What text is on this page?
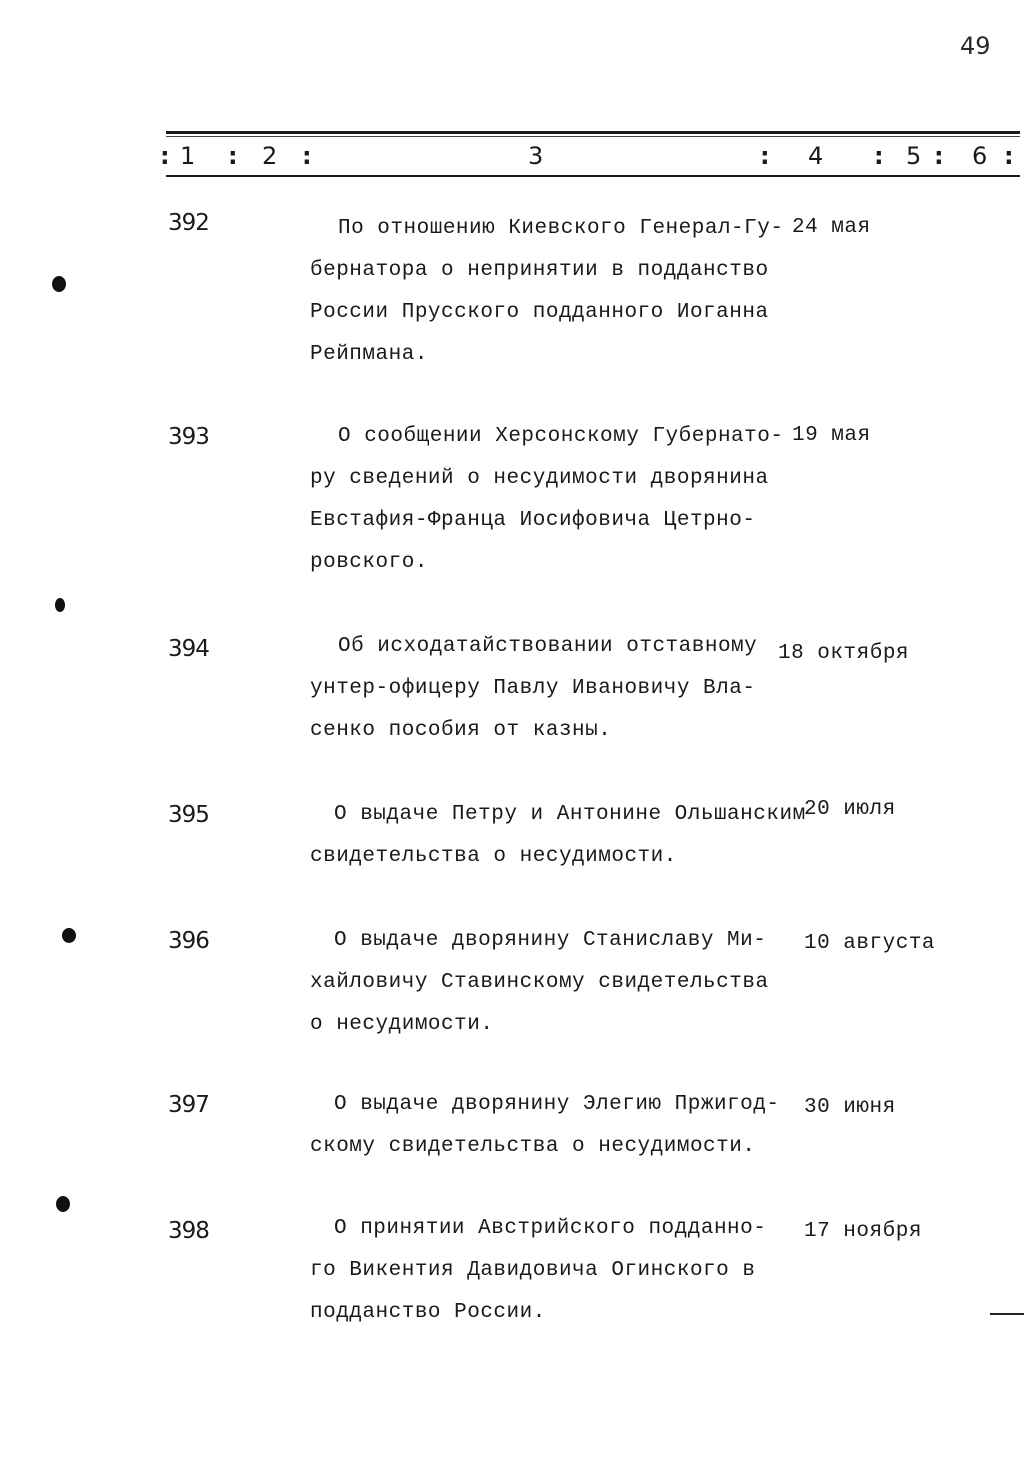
49
: 1 : 2 :	3	: 4 : 5 : 6 :
392	По отношению Киевского Генерал-Гу-
бернатора о непринятии в подданство
России Прусского подданного Иоганна
Рейпмана.
24 мая
393	О сообщении Херсонскому Губернато-
ру сведений о несудимости дворянина
Евстафия-Франца Иосифовича Цетрно-
ровского.
19 мая
394	Об исходатайствовании отставному
унтер-офицеру Павлу Ивановичу Вла-
сенко пособия от казны.
18 октября
395	О выдаче Петру и Антонине Ольшанским
свидетельства о несудимости.
20 июля
396	О выдаче дворянину Станиславу Ми-
хайловичу Ставинскому свидетельства
о несудимости.
10 августа
397	О выдаче дворянину Элегию Пржигод-
скому свидетельства о несудимости.
30 июня
398	О принятии Австрийского подданно-
го Викентия Давидовича Огинского в
подданство России.
17 ноября
